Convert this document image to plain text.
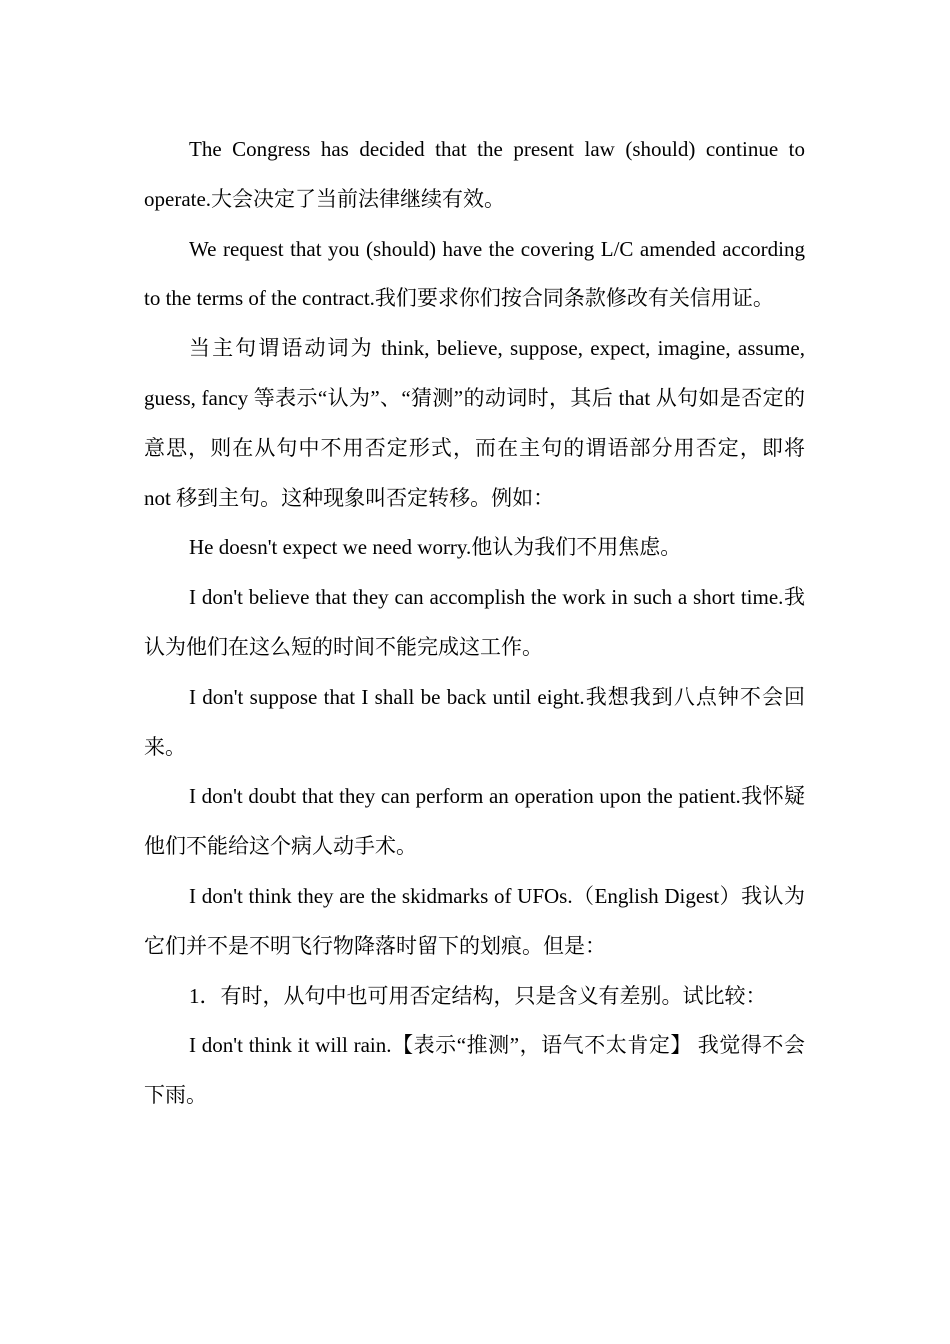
The Congress has decided that the present law (should) continue to operate.大会决定了当前法律继续有效。

We request that you (should) have the covering L/C amended according to the terms of the contract.我们要求你们按合同条款修改有关信用证。

当主句谓语动词为 think, believe, suppose, expect, imagine, assume, guess, fancy 等表示“认为”、“猜测”的动词时，其后 that 从句如是否定的意思，则在从句中不用否定形式，而在主句的谓语部分用否定，即将 not 移到主句。这种现象叫否定转移。例如：

He doesn't expect we need worry.他认为我们不用焦虑。

I don't believe that they can accomplish the work in such a short time.我认为他们在这么短的时间不能完成这工作。

I don't suppose that I shall be back until eight.我想我到八点钟不会回来。

I don't doubt that they can perform an operation upon the patient.我怀疑他们不能给这个病人动手术。

I don't think they are the skidmarks of UFOs.（English Digest）我认为它们并不是不明飞行物降落时留下的划痕。但是：

1．有时，从句中也可用否定结构，只是含义有差别。试比较：

I don't think it will rain.【表示“推测”，语气不太肯定】 我觉得不会下雨。
